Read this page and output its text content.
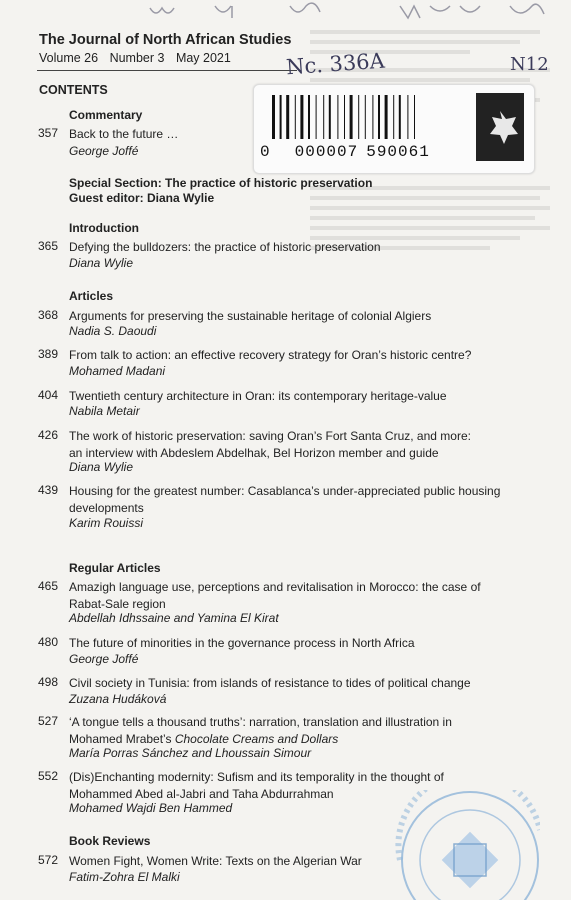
The Journal of North African Studies
Volume 26 Number 3 May 2021	Nc. 336A	N12
CONTENTS
0 000007 590061
Commentary
357 Back to the future …
George Joffé
Special Section: The practice of historic preservation
Guest editor: Diana Wylie
Introduction
365 Defying the bulldozers: the practice of historic preservation
Diana Wylie
Articles
368 Arguments for preserving the sustainable heritage of colonial Algiers
Nadia S. Daoudi
389 From talk to action: an effective recovery strategy for Oran’s historic centre?
Mohamed Madani
404 Twentieth century architecture in Oran: its contemporary heritage-value
Nabila Metair
426 The work of historic preservation: saving Oran’s Fort Santa Cruz, and more:
an interview with Abdeslem Abdelhak, Bel Horizon member and guide
Diana Wylie
439 Housing for the greatest number: Casablanca’s under-appreciated public housing
developments
Karim Rouissi
Regular Articles
465 Amazigh language use, perceptions and revitalisation in Morocco: the case of
Rabat-Sale region
Abdellah Idhssaine and Yamina El Kirat
480 The future of minorities in the governance process in North Africa
George Joffé
498 Civil society in Tunisia: from islands of resistance to tides of political change
Zuzana Hudáková
527 ‘A tongue tells a thousand truths’: narration, translation and illustration in
Mohamed Mrabet’s Chocolate Creams and Dollars
María Porras Sánchez and Lhoussain Simour
552 (Dis)Enchanting modernity: Sufism and its temporality in the thought of
Mohammed Abed al-Jabri and Taha Abdurrahman
Mohamed Wajdi Ben Hammed
Book Reviews
572 Women Fight, Women Write: Texts on the Algerian War
Fatim-Zohra El Malki
